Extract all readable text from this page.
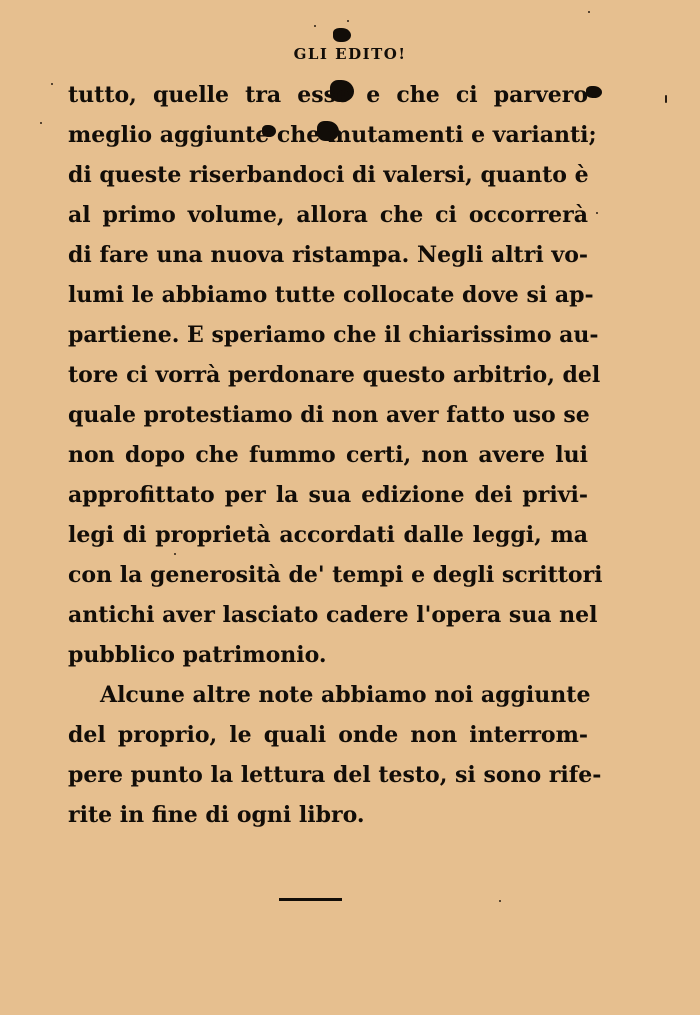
GLI EDITO!
tutto, quelle tra esse e che ci parvero
meglio aggiunte che mutamenti e varianti;
di queste riserbandoci di valersi, quanto è
al primo volume, allora che ci occorrerà
di fare una nuova ristampa. Negli altri vo-
lumi le abbiamo tutte collocate dove si ap-
partiene. E speriamo che il chiarissimo au-
tore ci vorrà perdonare questo arbitrio, del
quale protestiamo di non aver fatto uso se
non dopo che fummo certi, non avere lui
approfittato per la sua edizione dei privi-
legi di proprietà accordati dalle leggi, ma
con la generosità de' tempi e degli scrittori
antichi aver lasciato cadere l'opera sua nel
pubblico patrimonio.
Alcune altre note abbiamo noi aggiunte
del proprio, le quali onde non interrom-
pere punto la lettura del testo, si sono rife-
rite in fine di ogni libro.
